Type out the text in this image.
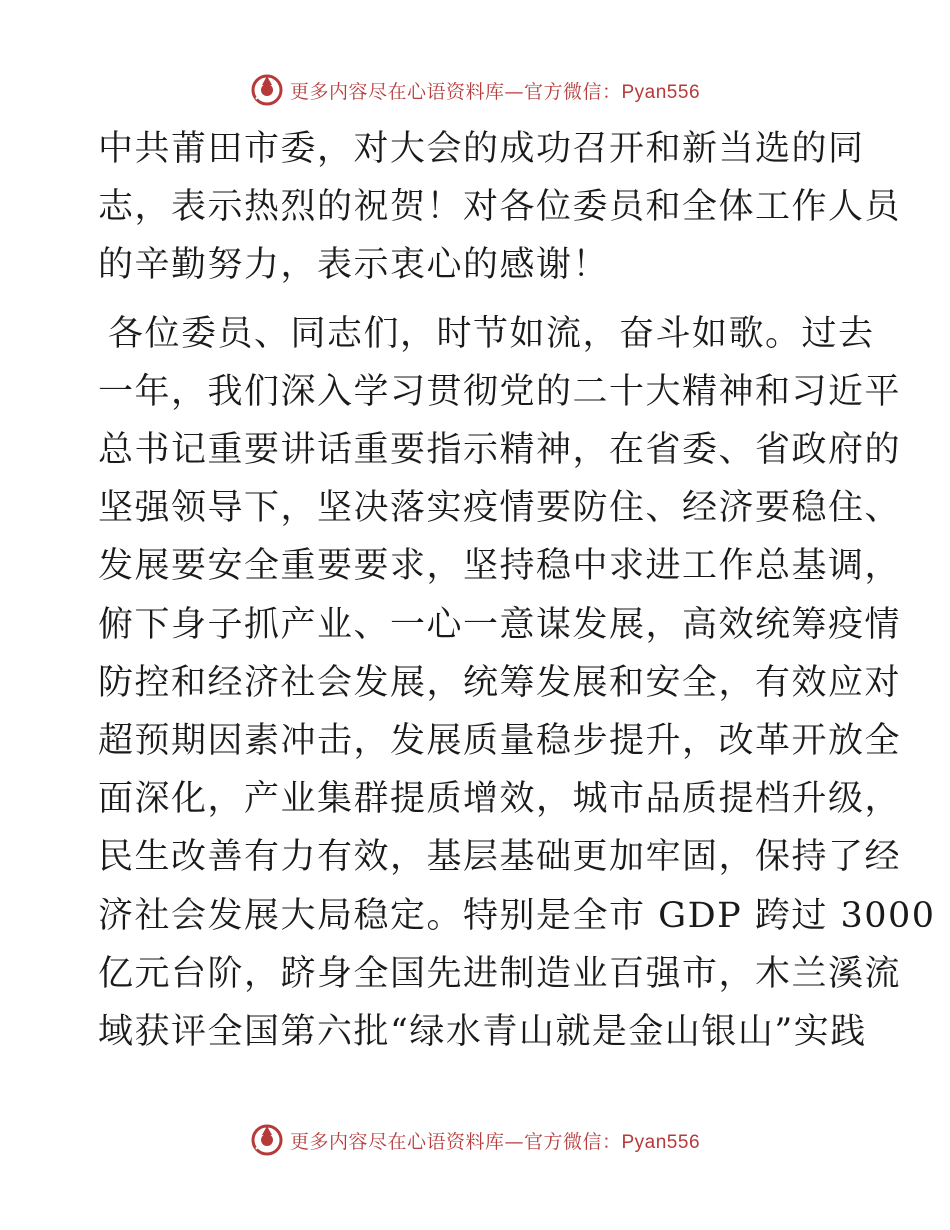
更多内容尽在心语资料库—官方微信：Pyan556

中共莆田市委，对大会的成功召开和新当选的同
志，表示热烈的祝贺！对各位委员和全体工作人员
的辛勤努力，表示衷心的感谢！

各位委员、同志们，时节如流，奋斗如歌。过去
一年，我们深入学习贯彻党的二十大精神和习近平
总书记重要讲话重要指示精神，在省委、省政府的
坚强领导下，坚决落实疫情要防住、经济要稳住、
发展要安全重要要求，坚持稳中求进工作总基调，
俯下身子抓产业、一心一意谋发展，高效统筹疫情
防控和经济社会发展，统筹发展和安全，有效应对
超预期因素冲击，发展质量稳步提升，改革开放全
面深化，产业集群提质增效，城市品质提档升级，
民生改善有力有效，基层基础更加牢固，保持了经
济社会发展大局稳定。特别是全市 GDP 跨过 3000
亿元台阶，跻身全国先进制造业百强市，木兰溪流
域获评全国第六批“绿水青山就是金山银山”实践

更多内容尽在心语资料库—官方微信：Pyan556
